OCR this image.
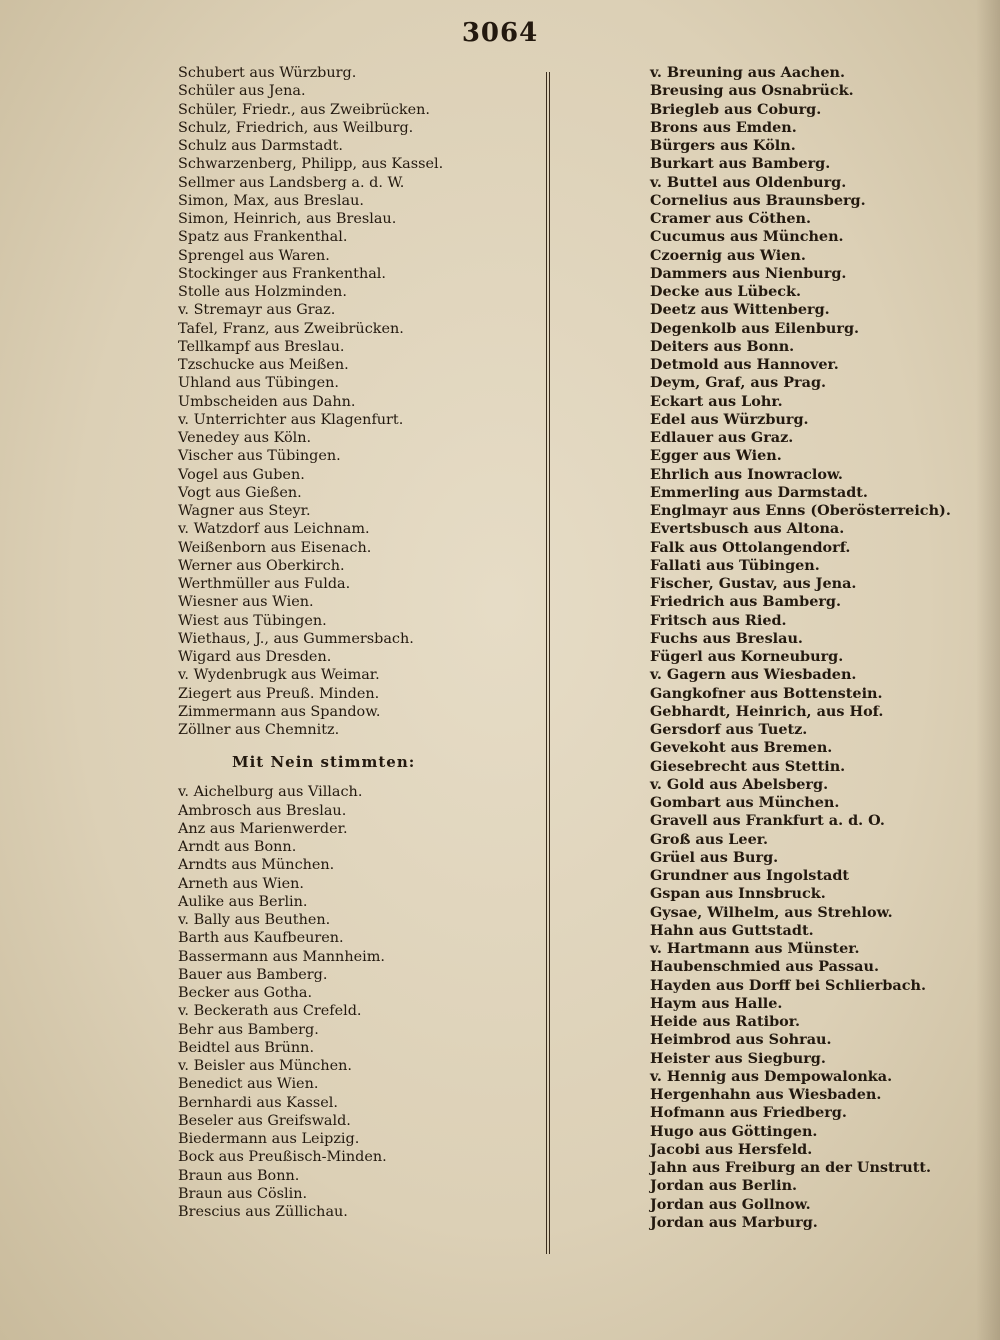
3064
Schubert aus Würzburg.
Schüler aus Jena.
Schüler, Friedr., aus Zweibrücken.
Schulz, Friedrich, aus Weilburg.
Schulz aus Darmstadt.
Schwarzenberg, Philipp, aus Kassel.
Sellmer aus Landsberg a. d. W.
Simon, Max, aus Breslau.
Simon, Heinrich, aus Breslau.
Spatz aus Frankenthal.
Sprengel aus Waren.
Stockinger aus Frankenthal.
Stolle aus Holzminden.
v. Stremayr aus Graz.
Tafel, Franz, aus Zweibrücken.
Tellkampf aus Breslau.
Tzschucke aus Meißen.
Uhland aus Tübingen.
Umbscheiden aus Dahn.
v. Unterrichter aus Klagenfurt.
Venedey aus Köln.
Vischer aus Tübingen.
Vogel aus Guben.
Vogt aus Gießen.
Wagner aus Steyr.
v. Watzdorf aus Leichnam.
Weißenborn aus Eisenach.
Werner aus Oberkirch.
Werthmüller aus Fulda.
Wiesner aus Wien.
Wiest aus Tübingen.
Wiethaus, J., aus Gummersbach.
Wigard aus Dresden.
v. Wydenbrugk aus Weimar.
Ziegert aus Preuß. Minden.
Zimmermann aus Spandow.
Zöllner aus Chemnitz.
Mit Nein stimmten:
v. Aichelburg aus Villach.
Ambrosch aus Breslau.
Anz aus Marienwerder.
Arndt aus Bonn.
Arndts aus München.
Arneth aus Wien.
Aulike aus Berlin.
v. Bally aus Beuthen.
Barth aus Kaufbeuren.
Bassermann aus Mannheim.
Bauer aus Bamberg.
Becker aus Gotha.
v. Beckerath aus Crefeld.
Behr aus Bamberg.
Beidtel aus Brünn.
v. Beisler aus München.
Benedict aus Wien.
Bernhardi aus Kassel.
Beseler aus Greifswald.
Biedermann aus Leipzig.
Bock aus Preußisch-Minden.
Braun aus Bonn.
Braun aus Cöslin.
Brescius aus Züllichau.
v. Breuning aus Aachen.
Breusing aus Osnabrück.
Briegleb aus Coburg.
Brons aus Emden.
Bürgers aus Köln.
Burkart aus Bamberg.
v. Buttel aus Oldenburg.
Cornelius aus Braunsberg.
Cramer aus Cöthen.
Cucumus aus München.
Czoernig aus Wien.
Dammers aus Nienburg.
Decke aus Lübeck.
Deetz aus Wittenberg.
Degenkolb aus Eilenburg.
Deiters aus Bonn.
Detmold aus Hannover.
Deym, Graf, aus Prag.
Eckart aus Lohr.
Edel aus Würzburg.
Edlauer aus Graz.
Egger aus Wien.
Ehrlich aus Inowraclow.
Emmerling aus Darmstadt.
Englmayr aus Enns (Oberösterreich).
Evertsbusch aus Altona.
Falk aus Ottolangendorf.
Fallati aus Tübingen.
Fischer, Gustav, aus Jena.
Friedrich aus Bamberg.
Fritsch aus Ried.
Fuchs aus Breslau.
Fügerl aus Korneuburg.
v. Gagern aus Wiesbaden.
Gangkofner aus Bottenstein.
Gebhardt, Heinrich, aus Hof.
Gersdorf aus Tuetz.
Gevekoht aus Bremen.
Giesebrecht aus Stettin.
v. Gold aus Abelsberg.
Gombart aus München.
Gravell aus Frankfurt a. d. O.
Groß aus Leer.
Grüel aus Burg.
Grundner aus Ingolstadt
Gspan aus Innsbruck.
Gysae, Wilhelm, aus Strehlow.
Hahn aus Guttstadt.
v. Hartmann aus Münster.
Haubenschmied aus Passau.
Hayden aus Dorff bei Schlierbach.
Haym aus Halle.
Heide aus Ratibor.
Heimbrod aus Sohrau.
Heister aus Siegburg.
v. Hennig aus Dempowalonka.
Hergenhahn aus Wiesbaden.
Hofmann aus Friedberg.
Hugo aus Göttingen.
Jacobi aus Hersfeld.
Jahn aus Freiburg an der Unstrutt.
Jordan aus Berlin.
Jordan aus Gollnow.
Jordan aus Marburg.
